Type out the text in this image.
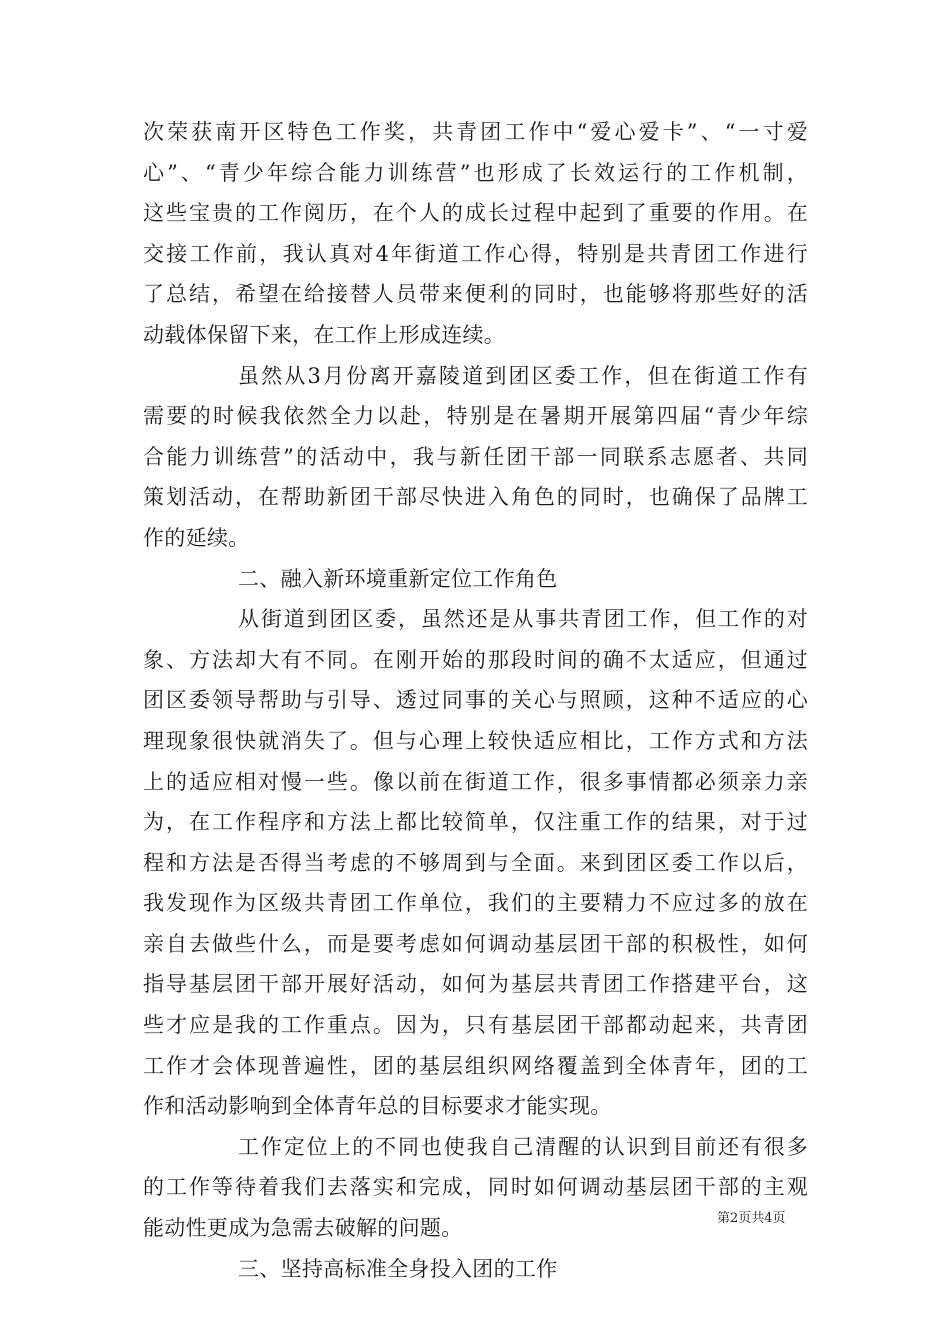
次荣获南开区特色工作奖，共青团工作中“爱心爱卡”、“一寸爱
心”、“青少年综合能力训练营”也形成了长效运行的工作机制，
这些宝贵的工作阅历，在个人的成长过程中起到了重要的作用。在
交接工作前，我认真对4年街道工作心得，特别是共青团工作进行
了总结，希望在给接替人员带来便利的同时，也能够将那些好的活
动载体保留下来，在工作上形成连续。
虽然从3月份离开嘉陵道到团区委工作，但在街道工作有
需要的时候我依然全力以赴，特别是在暑期开展第四届“青少年综
合能力训练营”的活动中，我与新任团干部一同联系志愿者、共同
策划活动，在帮助新团干部尽快进入角色的同时，也确保了品牌工
作的延续。
二、融入新环境重新定位工作角色
从街道到团区委，虽然还是从事共青团工作，但工作的对
象、方法却大有不同。在刚开始的那段时间的确不太适应，但通过
团区委领导帮助与引导、透过同事的关心与照顾，这种不适应的心
理现象很快就消失了。但与心理上较快适应相比，工作方式和方法
上的适应相对慢一些。像以前在街道工作，很多事情都必须亲力亲
为，在工作程序和方法上都比较简单，仅注重工作的结果，对于过
程和方法是否得当考虑的不够周到与全面。来到团区委工作以后，
我发现作为区级共青团工作单位，我们的主要精力不应过多的放在
亲自去做些什么，而是要考虑如何调动基层团干部的积极性，如何
指导基层团干部开展好活动，如何为基层共青团工作搭建平台，这
些才应是我的工作重点。因为，只有基层团干部都动起来，共青团
工作才会体现普遍性，团的基层组织网络覆盖到全体青年，团的工
作和活动影响到全体青年总的目标要求才能实现。
工作定位上的不同也使我自己清醒的认识到目前还有很多
的工作等待着我们去落实和完成，同时如何调动基层团干部的主观
能动性更成为急需去破解的问题。
三、坚持高标准全身投入团的工作
第2页共4页
